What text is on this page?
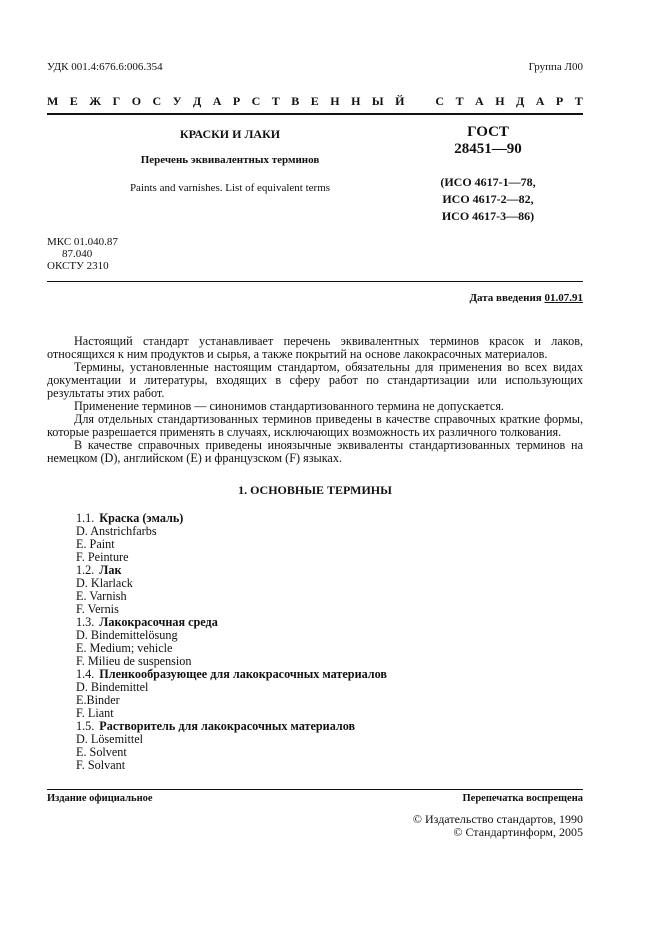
УДК 001.4:676.6:006.354	Группа Л00
М Е Ж Г О С У Д А Р С Т В Е Н Н Ы Й	С Т А Н Д А Р Т
КРАСКИ И ЛАКИ
Перечень эквивалентных терминов
Paints and varnishes. List of equivalent terms
ГОСТ
28451—90
(ИСО 4617-1—78,
ИСО 4617-2—82,
ИСО 4617-3—86)
МКС 01.040.87
87.040
ОКСТУ 2310
Дата введения 01.07.91

Настоящий стандарт устанавливает перечень эквивалентных терминов красок и лаков, относящихся к ним продуктов и сырья, а также покрытий на основе лакокрасочных материалов.

Термины, установленные настоящим стандартом, обязательны для применения во всех видах документации и литературы, входящих в сферу работ по стандартизации или использующих результаты этих работ.

Применение терминов — синонимов стандартизованного термина не допускается.

Для отдельных стандартизованных терминов приведены в качестве справочных краткие формы, которые разрешается применять в случаях, исключающих возможность их различного толкования.

В качестве справочных приведены иноязычные эквиваленты стандартизованных терминов на немецком (D), английском (E) и французском (F) языках.

1. ОСНОВНЫЕ ТЕРМИНЫ
1.1. Краска (эмаль)
D. Anstrichfarbs
E. Paint
F. Peinture
1.2. Лак
D. Klarlack
E. Varnish
F. Vernis
1.3. Лакокрасочная среда
D. Bindemittelösung
E. Medium; vehicle
F. Milieu de suspension
1.4. Пленкообразующее для лакокрасочных материалов
D. Bindemittel
E.Binder
F. Liant
1.5. Растворитель для лакокрасочных материалов
D. Lösemittel
E. Solvent
F. Solvant
Издание официальное	Перепечатка воспрещена
© Издательство стандартов, 1990
© Стандартинформ, 2005
